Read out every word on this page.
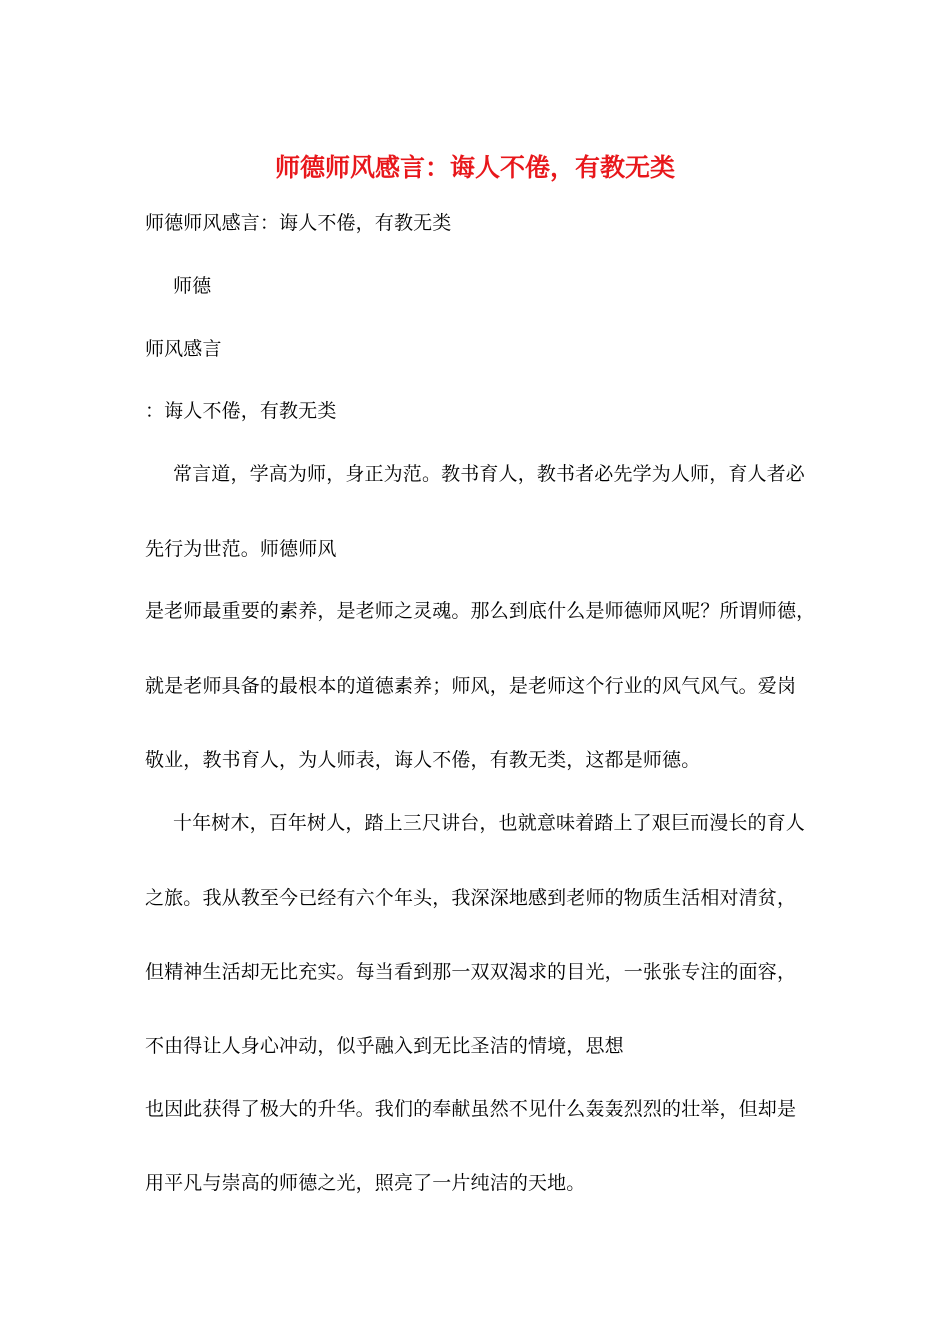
师德师风感言：诲人不倦，有教无类
师德师风感言：诲人不倦，有教无类
师德
师风感言
：诲人不倦，有教无类
常言道，学高为师，身正为范。教书育人，教书者必先学为人师，育人者必
先行为世范。师德师风
是老师最重要的素养，是老师之灵魂。那么到底什么是师德师风呢？所谓师德，
就是老师具备的最根本的道德素养；师风，是老师这个行业的风气风气。爱岗
敬业，教书育人，为人师表，诲人不倦，有教无类，这都是师德。
十年树木，百年树人，踏上三尺讲台，也就意味着踏上了艰巨而漫长的育人
之旅。我从教至今已经有六个年头，我深深地感到老师的物质生活相对清贫，
但精神生活却无比充实。每当看到那一双双渴求的目光，一张张专注的面容，
不由得让人身心冲动，似乎融入到无比圣洁的情境，思想
也因此获得了极大的升华。我们的奉献虽然不见什么轰轰烈烈的壮举，但却是
用平凡与崇高的师德之光，照亮了一片纯洁的天地。
